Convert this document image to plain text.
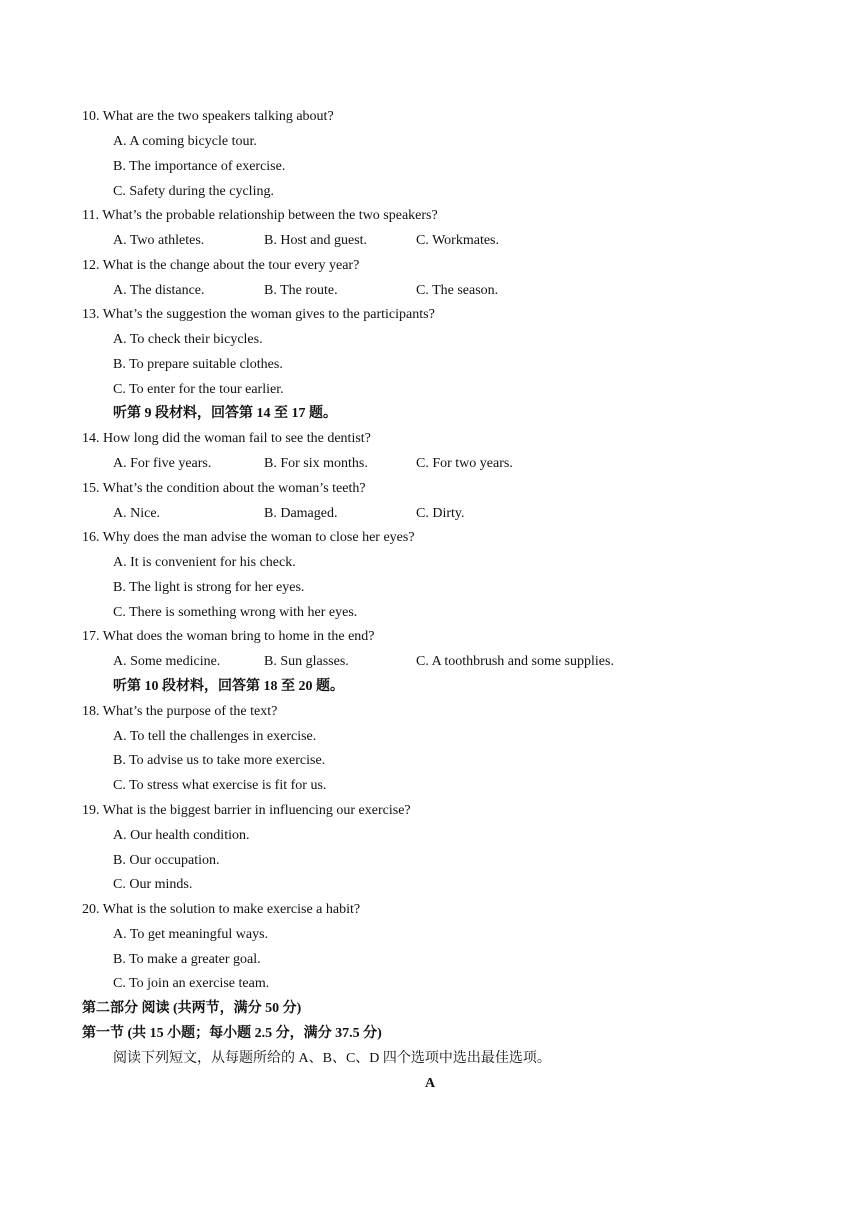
10. What are the two speakers talking about?
A. A coming bicycle tour.
B. The importance of exercise.
C. Safety during the cycling.
11. What’s the probable relationship between the two speakers?
A. Two athletes.	B. Host and guest.	C. Workmates.
12. What is the change about the tour every year?
A. The distance.	B. The route.	C. The season.
13. What’s the suggestion the woman gives to the participants?
A. To check their bicycles.
B. To prepare suitable clothes.
C. To enter for the tour earlier.
听第 9 段材料，回答第 14 至 17 题。
14. How long did the woman fail to see the dentist?
A. For five years.	B. For six months.	C. For two years.
15. What’s the condition about the woman’s teeth?
A. Nice.	B. Damaged.	C. Dirty.
16. Why does the man advise the woman to close her eyes?
A. It is convenient for his check.
B. The light is strong for her eyes.
C. There is something wrong with her eyes.
17. What does the woman bring to home in the end?
A. Some medicine.	B. Sun glasses.	C. A toothbrush and some supplies.
听第 10 段材料，回答第 18 至 20 题。
18. What’s the purpose of the text?
A. To tell the challenges in exercise.
B. To advise us to take more exercise.
C. To stress what exercise is fit for us.
19. What is the biggest barrier in influencing our exercise?
A. Our health condition.
B. Our occupation.
C. Our minds.
20. What is the solution to make exercise a habit?
A. To get meaningful ways.
B. To make a greater goal.
C. To join an exercise team.
第二部分 阅读 (共两节，满分 50 分)
第一节 (共 15 小题；每小题 2.5 分，满分 37.5 分)
阅读下列短文，从每题所给的 A、B、C、D 四个选项中选出最佳选项。
A
